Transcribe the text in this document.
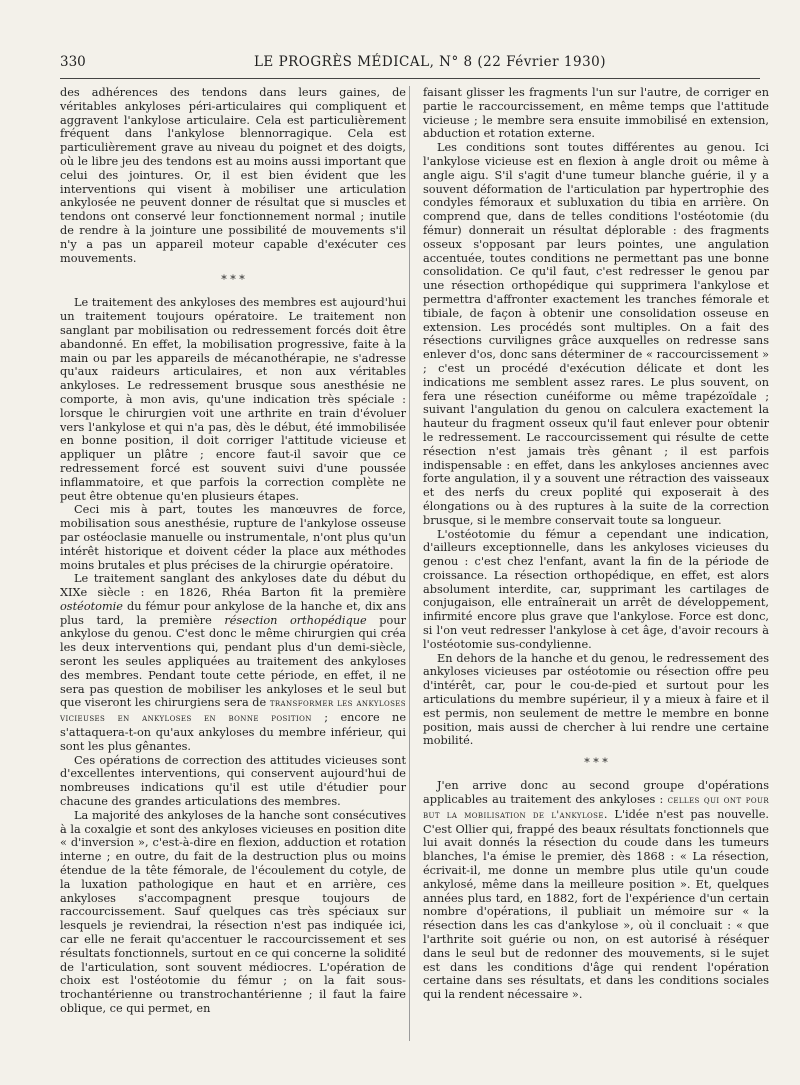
330	LE PROGRÈS MÉDICAL, N° 8 (22 Février 1930)

des adhérences des tendons dans leurs gaines, de véritables ankyloses péri-articulaires qui compliquent et aggravent l'ankylose articulaire. Cela est particulièrement fréquent dans l'ankylose blennorragique. Cela est particulièrement grave au niveau du poignet et des doigts, où le libre jeu des tendons est au moins aussi important que celui des jointures. Or, il est bien évident que les interventions qui visent à mobiliser une articulation ankylosée ne peuvent donner de résultat que si muscles et tendons ont conservé leur fonctionnement normal ; inutile de rendre à la jointure une possibilité de mouvements s'il n'y a pas un appareil moteur capable d'exécuter ces mouvements.

* * *

Le traitement des ankyloses des membres est aujourd'hui un traitement toujours opératoire. Le traitement non sanglant par mobilisation ou redressement forcés doit être abandonné. En effet, la mobilisation progressive, faite à la main ou par les appareils de mécanothérapie, ne s'adresse qu'aux raideurs articulaires, et non aux véritables ankyloses. Le redressement brusque sous anesthésie ne comporte, à mon avis, qu'une indication très spéciale : lorsque le chirurgien voit une arthrite en train d'évoluer vers l'ankylose et qui n'a pas, dès le début, été immobilisée en bonne position, il doit corriger l'attitude vicieuse et appliquer un plâtre ; encore faut-il savoir que ce redressement forcé est souvent suivi d'une poussée inflammatoire, et que parfois la correction complète ne peut être obtenue qu'en plusieurs étapes.

Ceci mis à part, toutes les manœuvres de force, mobilisation sous anesthésie, rupture de l'ankylose osseuse par ostéoclasie manuelle ou instrumentale, n'ont plus qu'un intérêt historique et doivent céder la place aux méthodes moins brutales et plus précises de la chirurgie opératoire.

Le traitement sanglant des ankyloses date du début du XIXe siècle : en 1826, Rhéa Barton fit la première ostéotomie du fémur pour ankylose de la hanche et, dix ans plus tard, la première résection orthopédique pour ankylose du genou. C'est donc le même chirurgien qui créa les deux interventions qui, pendant plus d'un demi-siècle, seront les seules appliquées au traitement des ankyloses des membres. Pendant toute cette période, en effet, il ne sera pas question de mobiliser les ankyloses et le seul but que viseront les chirurgiens sera de transformer les ankyloses vicieuses en ankyloses en bonne position ; encore ne s'attaquera-t-on qu'aux ankyloses du membre inférieur, qui sont les plus gênantes.

Ces opérations de correction des attitudes vicieuses sont d'excellentes interventions, qui conservent aujourd'hui de nombreuses indications qu'il est utile d'étudier pour chacune des grandes articulations des membres.

La majorité des ankyloses de la hanche sont consécutives à la coxalgie et sont des ankyloses vicieuses en position dite « d'inversion », c'est-à-dire en flexion, adduction et rotation interne ; en outre, du fait de la destruction plus ou moins étendue de la tête fémorale, de l'écoulement du cotyle, de la luxation pathologique en haut et en arrière, ces ankyloses s'accompagnent presque toujours de raccourcissement. Sauf quelques cas très spéciaux sur lesquels je reviendrai, la résection n'est pas indiquée ici, car elle ne ferait qu'accentuer le raccourcissement et ses résultats fonctionnels, surtout en ce qui concerne la solidité de l'articulation, sont souvent médiocres. L'opération de choix est l'ostéotomie du fémur ; on la fait sous-trochantérienne ou transtrochantérienne ; il faut la faire oblique, ce qui permet, en

faisant glisser les fragments l'un sur l'autre, de corriger en partie le raccourcissement, en même temps que l'attitude vicieuse ; le membre sera ensuite immobilisé en extension, abduction et rotation externe.

Les conditions sont toutes différentes au genou. Ici l'ankylose vicieuse est en flexion à angle droit ou même à angle aigu. S'il s'agit d'une tumeur blanche guérie, il y a souvent déformation de l'articulation par hypertrophie des condyles fémoraux et subluxation du tibia en arrière. On comprend que, dans de telles conditions l'ostéotomie (du fémur) donnerait un résultat déplorable : des fragments osseux s'opposant par leurs pointes, une angulation accentuée, toutes conditions ne permettant pas une bonne consolidation. Ce qu'il faut, c'est redresser le genou par une résection orthopédique qui supprimera l'ankylose et permettra d'affronter exactement les tranches fémorale et tibiale, de façon à obtenir une consolidation osseuse en extension. Les procédés sont multiples. On a fait des résections curvilignes grâce auxquelles on redresse sans enlever d'os, donc sans déterminer de « raccourcissement » ; c'est un procédé d'exécution délicate et dont les indications me semblent assez rares. Le plus souvent, on fera une résection cunéiforme ou même trapézoïdale ; suivant l'angulation du genou on calculera exactement la hauteur du fragment osseux qu'il faut enlever pour obtenir le redressement. Le raccourcissement qui résulte de cette résection n'est jamais très gênant ; il est parfois indispensable : en effet, dans les ankyloses anciennes avec forte angulation, il y a souvent une rétraction des vaisseaux et des nerfs du creux poplité qui exposerait à des élongations ou à des ruptures à la suite de la correction brusque, si le membre conservait toute sa longueur.

L'ostéotomie du fémur a cependant une indication, d'ailleurs exceptionnelle, dans les ankyloses vicieuses du genou : c'est chez l'enfant, avant la fin de la période de croissance. La résection orthopédique, en effet, est alors absolument interdite, car, supprimant les cartilages de conjugaison, elle entraînerait un arrêt de développement, infirmité encore plus grave que l'ankylose. Force est donc, si l'on veut redresser l'ankylose à cet âge, d'avoir recours à l'ostéotomie sus-condylienne.

En dehors de la hanche et du genou, le redressement des ankyloses vicieuses par ostéotomie ou résection offre peu d'intérêt, car, pour le cou-de-pied et surtout pour les articulations du membre supérieur, il y a mieux à faire et il est permis, non seulement de mettre le membre en bonne position, mais aussi de chercher à lui rendre une certaine mobilité.

* * *

J'en arrive donc au second groupe d'opérations applicables au traitement des ankyloses : celles qui ont pour but la mobilisation de l'ankylose. L'idée n'est pas nouvelle. C'est Ollier qui, frappé des beaux résultats fonctionnels que lui avait donnés la résection du coude dans les tumeurs blanches, l'a émise le premier, dès 1868 : « La résection, écrivait-il, me donne un membre plus utile qu'un coude ankylosé, même dans la meilleure position ». Et, quelques années plus tard, en 1882, fort de l'expérience d'un certain nombre d'opérations, il publiait un mémoire sur « la résection dans les cas d'ankylose », où il concluait : « que l'arthrite soit guérie ou non, on est autorisé à réséquer dans le seul but de redonner des mouvements, si le sujet est dans les conditions d'âge qui rendent l'opération certaine dans ses résultats, et dans les conditions sociales qui la rendent nécessaire ».
